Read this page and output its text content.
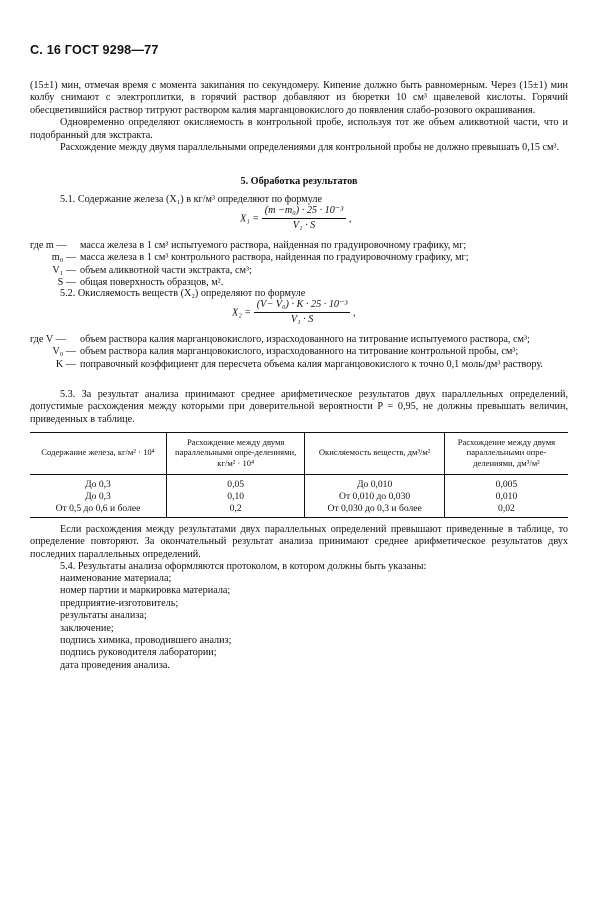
С. 16 ГОСТ 9298—77

(15±1) мин, отмечая время с момента закипания по секундомеру. Кипение должно быть равномерным. Через (15±1) мин колбу снимают с электроплитки, в горячий раствор добавляют из бюретки 10 см³ щавелевой кислоты. Горячий обесцветившийся раствор титруют раствором калия марганцовокислого до появления слабо-розового окрашивания.

Одновременно определяют окисляемость в контрольной пробе, используя тот же объем аликвотной части, что и подобранный для экстракта.

Расхождение между двумя параллельными определениями для контрольной пробы не должно превышать 0,15 см³.

5. Обработка результатов
5.1. Содержание железа (X₁) в кг/м³ определяют по формуле
$X_1 = \frac{\text{(m −m₀) · 25 · 10⁻³}}{\text{V₁ · S}}$ ,
где m —	масса железа в 1 см³ испытуемого раствора, найденная по градуировочному графику, мг;
m₀ — масса железа в 1 см³ контрольного раствора, найденная по градуировочному графику, мг;
V₁ — объем аликвотной части экстракта, см³;
S — общая поверхность образцов, м².
5.2. Окисляемость веществ (X₂) определяют по формуле
$X_2 = \frac{\text{(V− V₀) · K · 25 · 10⁻³}}{\text{V₁ · S}}$ ,
где V —	объем раствора калия марганцовокислого, израсходованного на титрование испытуемого раствора, см³;
V₀ — объем раствора калия марганцовокислого, израсходованного на титрование контрольной пробы, см³;
K — поправочный коэффициент для пересчета объема калия марганцовокислого к точно 0,1 моль/дм³ раствору.
5.3. За результат анализа принимают среднее арифметическое результатов двух параллельных определений, допустимые расхождения между которыми при доверительной вероятности P = 0,95, не должны превышать величин, приведенных в таблице.
Содержание железа, кг/м² · 10⁴	Расхождение между двумя параллельными опре-делениями, кг/м² · 10⁴	Окисляемость веществ, дм³/м²	Расхождение между двумя параллельными опре-делениями, дм³/м²
До 0,3	0,05	До 0,010	0,005
До 0,3	0,10	От 0,010 до 0,030	0,010
От 0,5 до 0,6 и более	0,2	От 0,030 до 0,3 и более	0,02
Если расхождения между результатами двух параллельных определений превышают приведенные в таблице, то определение повторяют. За окончательный результат анализа принимают среднее арифметическое результатов двух последних параллельных определений.
5.4. Результаты анализа оформляются протоколом, в котором должны быть указаны:

наименование материала;

номер партии и маркировка материала;

предприятие-изготовитель;

результаты анализа;

заключение;

подпись химика, проводившего анализ;

подпись руководителя лаборатории;

дата проведения анализа.
